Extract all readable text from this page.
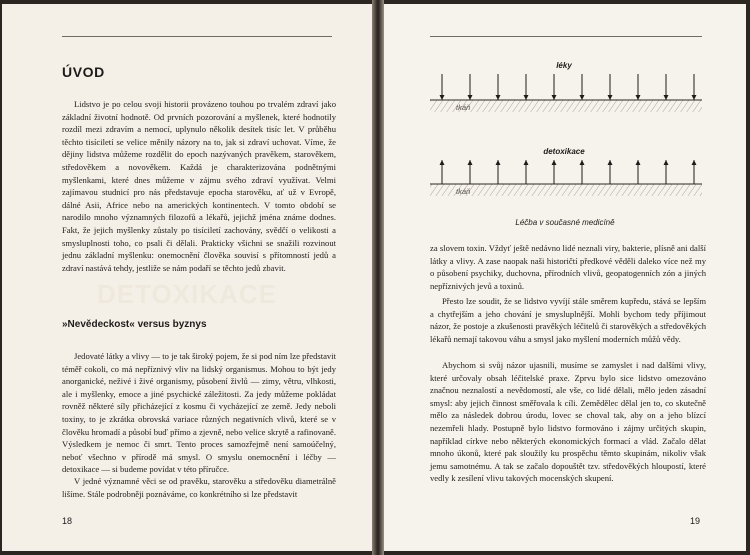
ÚVOD

Lidstvo je po celou svoji historii provázeno touhou po trvalém zdraví jako základní životní hodnotě. Od prvních pozorování a myšlenek, které hodnotily rozdíl mezi zdravím a nemocí, uplynulo několik desítek tisíc let. V průběhu těchto tisíciletí se velice měnily názory na to, jak si zdraví uchovat. Víme, že dějiny lidstva můžeme rozdělit do epoch nazývaných pravěkem, starověkem, středověkem a novověkem. Každá je charakterizována podnětnými myšlenkami, které dnes můžeme v zájmu svého zdraví využívat. Velmi zajímavou studnicí pro nás představuje epocha starověku, ať už v Evropě, dálné Asii, Africe nebo na amerických kontinentech. V tomto období se narodilo mnoho významných filozofů a lékařů, jejichž jména známe dodnes. Fakt, že jejich myšlenky zůstaly po tisíciletí zachovány, svědčí o velikosti a smysluplnosti toho, co psali či dělali. Prakticky všichni se snažili rozvinout jednu základní myšlenku: onemocnění člověka souvisí s přítomností jedů a zdraví nastává tehdy, jestliže se nám podaří se těchto jedů zbavit.

DETOXIKACE
»Nevědeckost« versus byznys

Jedovaté látky a vlivy — to je tak široký pojem, že si pod ním lze představit téměř cokoli, co má nepříznivý vliv na lidský organismus. Mohou to být jedy anorganické, neživé i živé organismy, působení živlů — zimy, větru, vlhkosti, ale i myšlenky, emoce a jiné psychické záležitosti. Za jedy můžeme pokládat rovněž některé síly přicházející z kosmu či vycházející ze země. Jedy neboli toxiny, to je zkrátka obrovská variace různých negativních vlivů, které se v člověku hromadí a působí buď přímo a zjevně, nebo velice skrytě a rafinovaně. Výsledkem je nemoc či smrt. Tento proces samozřejmě není samoúčelný, neboť všechno v přírodě má smysl. O smyslu onemocnění i léčby — detoxikace — si budeme povídat v této příručce.

V jedné významné věci se od pravěku, starověku a středověku diametrálně lišíme. Stále podrobněji poznáváme, co konkrétního si lze představit

18
léky
tkáň
detoxikace
tkáň
Léčba v současné medicíně

za slovem toxin. Vždyť ještě nedávno lidé neznali viry, bakterie, plísně ani další látky a vlivy. A zase naopak naši historičtí předkové věděli daleko více než my o působení psychiky, duchovna, přírodních vlivů, geopatogenních zón a jiných nepříznivých jevů a toxinů.

Přesto lze soudit, že se lidstvo vyvíjí stále směrem kupředu, stává se lepším a chytřejším a jeho chování je smysluplnější. Mohli bychom tedy příjimout názor, že postoje a zkušenosti pravěkých léčitelů či starověkých a středověkých lékařů nemají takovou váhu a smysl jako myšlení moderních můžů vědy.

Abychom si svůj názor ujasnili, musíme se zamyslet i nad dalšími vlivy, které určovaly obsah léčitelské praxe. Zprvu bylo sice lidstvo omezováno značnou neznalostí a nevědomostí, ale vše, co lidé dělali, mělo jeden zásadní smysl: aby jejich činnost směřovala k cíli. Zemědělec dělal jen to, co skutečně mělo za následek dobrou úrodu, lovec se choval tak, aby on a jeho blízcí nezemřeli hlady. Postupně bylo lidstvo formováno i zájmy určitých skupin, například církve nebo některých ekonomických formací a vlád. Začalo dělat mnoho úkonů, které pak sloužily ku prospěchu těmto skupinám, nikoliv však jemu samotnému. A tak se začalo dopouštět tzv. středověkých hloupostí, které vedly k zesílení vlivu takových mocenských skupení.

19
